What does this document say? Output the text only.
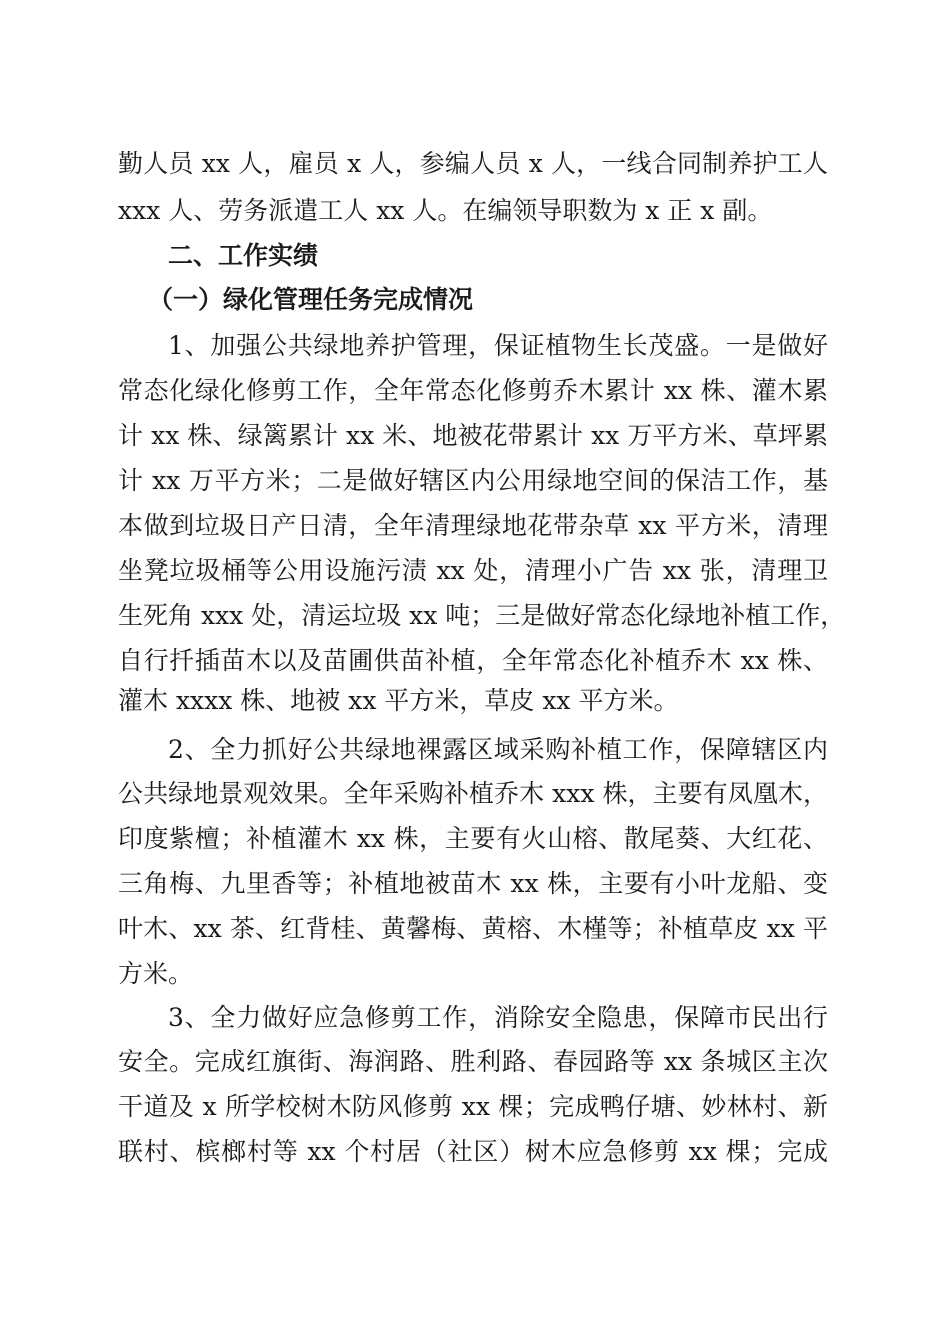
勤人员 xx 人，雇员 x 人，参编人员 x 人，一线合同制养护工人
xxx 人、劳务派遣工人 xx 人。在编领导职数为 x 正 x 副。
二、工作实绩
（一）绿化管理任务完成情况
1、加强公共绿地养护管理，保证植物生长茂盛。一是做好
常态化绿化修剪工作，全年常态化修剪乔木累计 xx 株、灌木累
计 xx 株、绿篱累计 xx 米、地被花带累计 xx 万平方米、草坪累
计 xx 万平方米；二是做好辖区内公用绿地空间的保洁工作，基
本做到垃圾日产日清，全年清理绿地花带杂草 xx 平方米，清理
坐凳垃圾桶等公用设施污渍 xx 处，清理小广告 xx 张，清理卫
生死角 xxx 处，清运垃圾 xx 吨；三是做好常态化绿地补植工作，
自行扦插苗木以及苗圃供苗补植，全年常态化补植乔木 xx 株、
灌木 xxxx 株、地被 xx 平方米，草皮 xx 平方米。
2、全力抓好公共绿地裸露区域采购补植工作，保障辖区内
公共绿地景观效果。全年采购补植乔木 xxx 株，主要有凤凰木，
印度紫檀；补植灌木 xx 株，主要有火山榕、散尾葵、大红花、
三角梅、九里香等；补植地被苗木 xx 株，主要有小叶龙船、变
叶木、xx 茶、红背桂、黄馨梅、黄榕、木槿等；补植草皮 xx 平
方米。
3、全力做好应急修剪工作，消除安全隐患，保障市民出行
安全。完成红旗街、海润路、胜利路、春园路等 xx 条城区主次
干道及 x 所学校树木防风修剪 xx 棵；完成鸭仔塘、妙林村、新
联村、槟榔村等 xx 个村居（社区）树木应急修剪 xx 棵；完成
